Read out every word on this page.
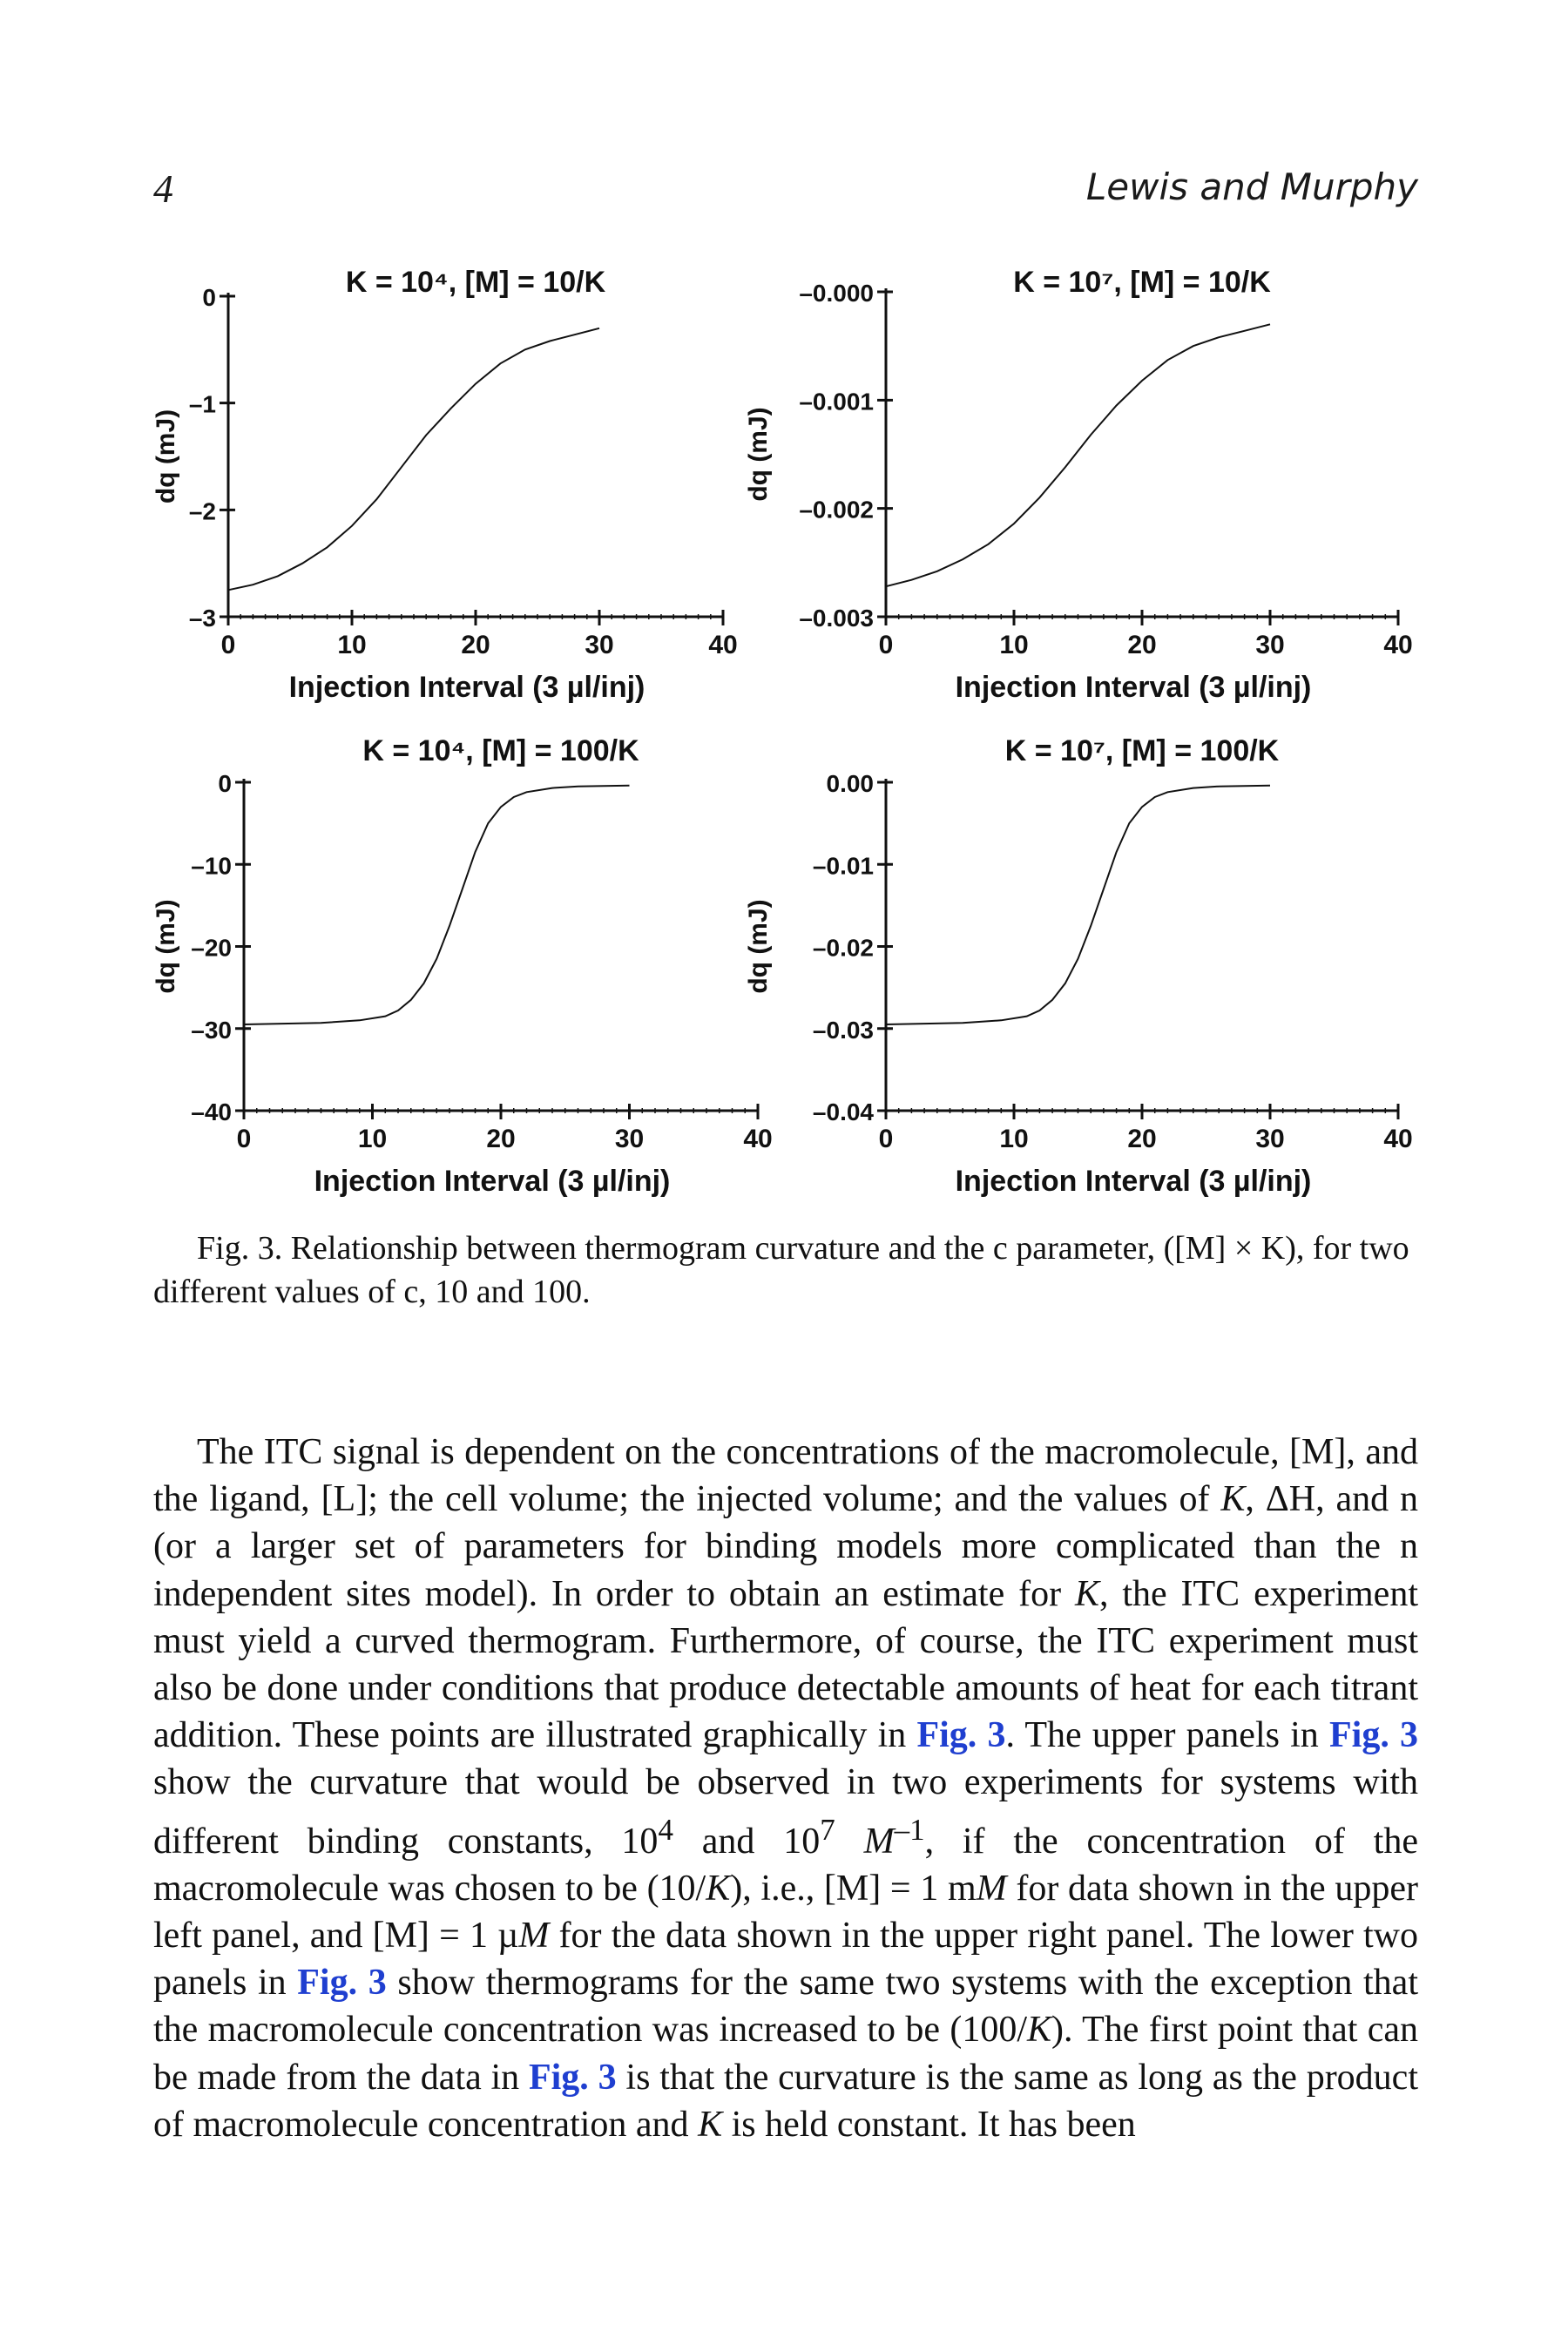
4	Lewis and Murphy
0
–1
–2
–3
0	10	20	30	40
K = 10⁴, [M] = 10/K
Injection Interval (3 µl/inj)
dq (mJ)
–0.000
–0.001
–0.002
–0.003
0	10	20	30	40
K = 10⁷, [M] = 10/K
Injection Interval (3 µl/inj)
dq (mJ)
0
–10
–20
–30
–40
0	10	20	30	40
K = 10⁴, [M] = 100/K
Injection Interval (3 µl/inj)
dq (mJ)
0.00
–0.01
–0.02
–0.03
–0.04
0	10	20	30	40
K = 10⁷, [M] = 100/K
Injection Interval (3 µl/inj)
dq (mJ)
Fig. 3. Relationship between thermogram curvature and the c parameter, ([M] × K), for two different values of c, 10 and 100.
The ITC signal is dependent on the concentrations of the macromolecule, [M], and the ligand, [L]; the cell volume; the injected volume; and the values of K, ΔH, and n (or a larger set of parameters for binding models more complicated than the n independent sites model). In order to obtain an estimate for K, the ITC experiment must yield a curved thermogram. Furthermore, of course, the ITC experiment must also be done under conditions that produce detectable amounts of heat for each titrant addition. These points are illustrated graphically in Fig. 3. The upper panels in Fig. 3 show the curvature that would be observed in two experiments for systems with different binding constants, $10^4$ and $10^7$ $M^{-1}$, if the concentration of the macromolecule was chosen to be (10/K), i.e., [M] = 1 mM for data shown in the upper left panel, and [M] = 1 µM for the data shown in the upper right panel. The lower two panels in Fig. 3 show thermograms for the same two systems with the exception that the macromolecule concentration was increased to be (100/K). The first point that can be made from the data in Fig. 3 is that the curvature is the same as long as the product of macromolecule concentration and K is held constant. It has been
